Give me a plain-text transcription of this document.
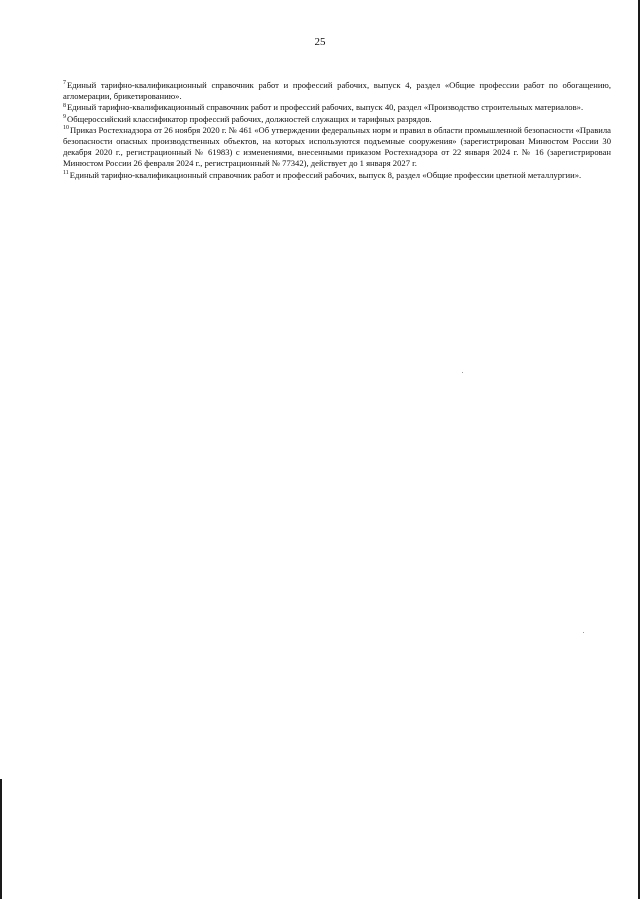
25

$^7$Единый тарифно-квалификационный справочник работ и профессий рабочих, выпуск 4, раздел «Общие профессии работ по обогащению, агломерации, брикетированию».

$^8$Единый тарифно-квалификационный справочник работ и профессий рабочих, выпуск 40, раздел «Производство строительных материалов».

$^9$Общероссийский классификатор профессий рабочих, должностей служащих и тарифных разрядов.

$^{10}$Приказ Ростехнадзора от 26 ноября 2020 г. № 461 «Об утверждении федеральных норм и правил в области промышленной безопасности «Правила безопасности опасных производственных объектов, на которых используются подъемные сооружения» (зарегистрирован Минюстом России 30 декабря 2020 г., регистрационный № 61983) с изменениями, внесенными приказом Ростехнадзора от 22 января 2024 г. № 16 (зарегистрирован Минюстом России 26 февраля 2024 г., регистрационный № 77342), действует до 1 января 2027 г.

$^{11}$Единый тарифно-квалификационный справочник работ и профессий рабочих, выпуск 8, раздел «Общие профессии цветной металлургии».
